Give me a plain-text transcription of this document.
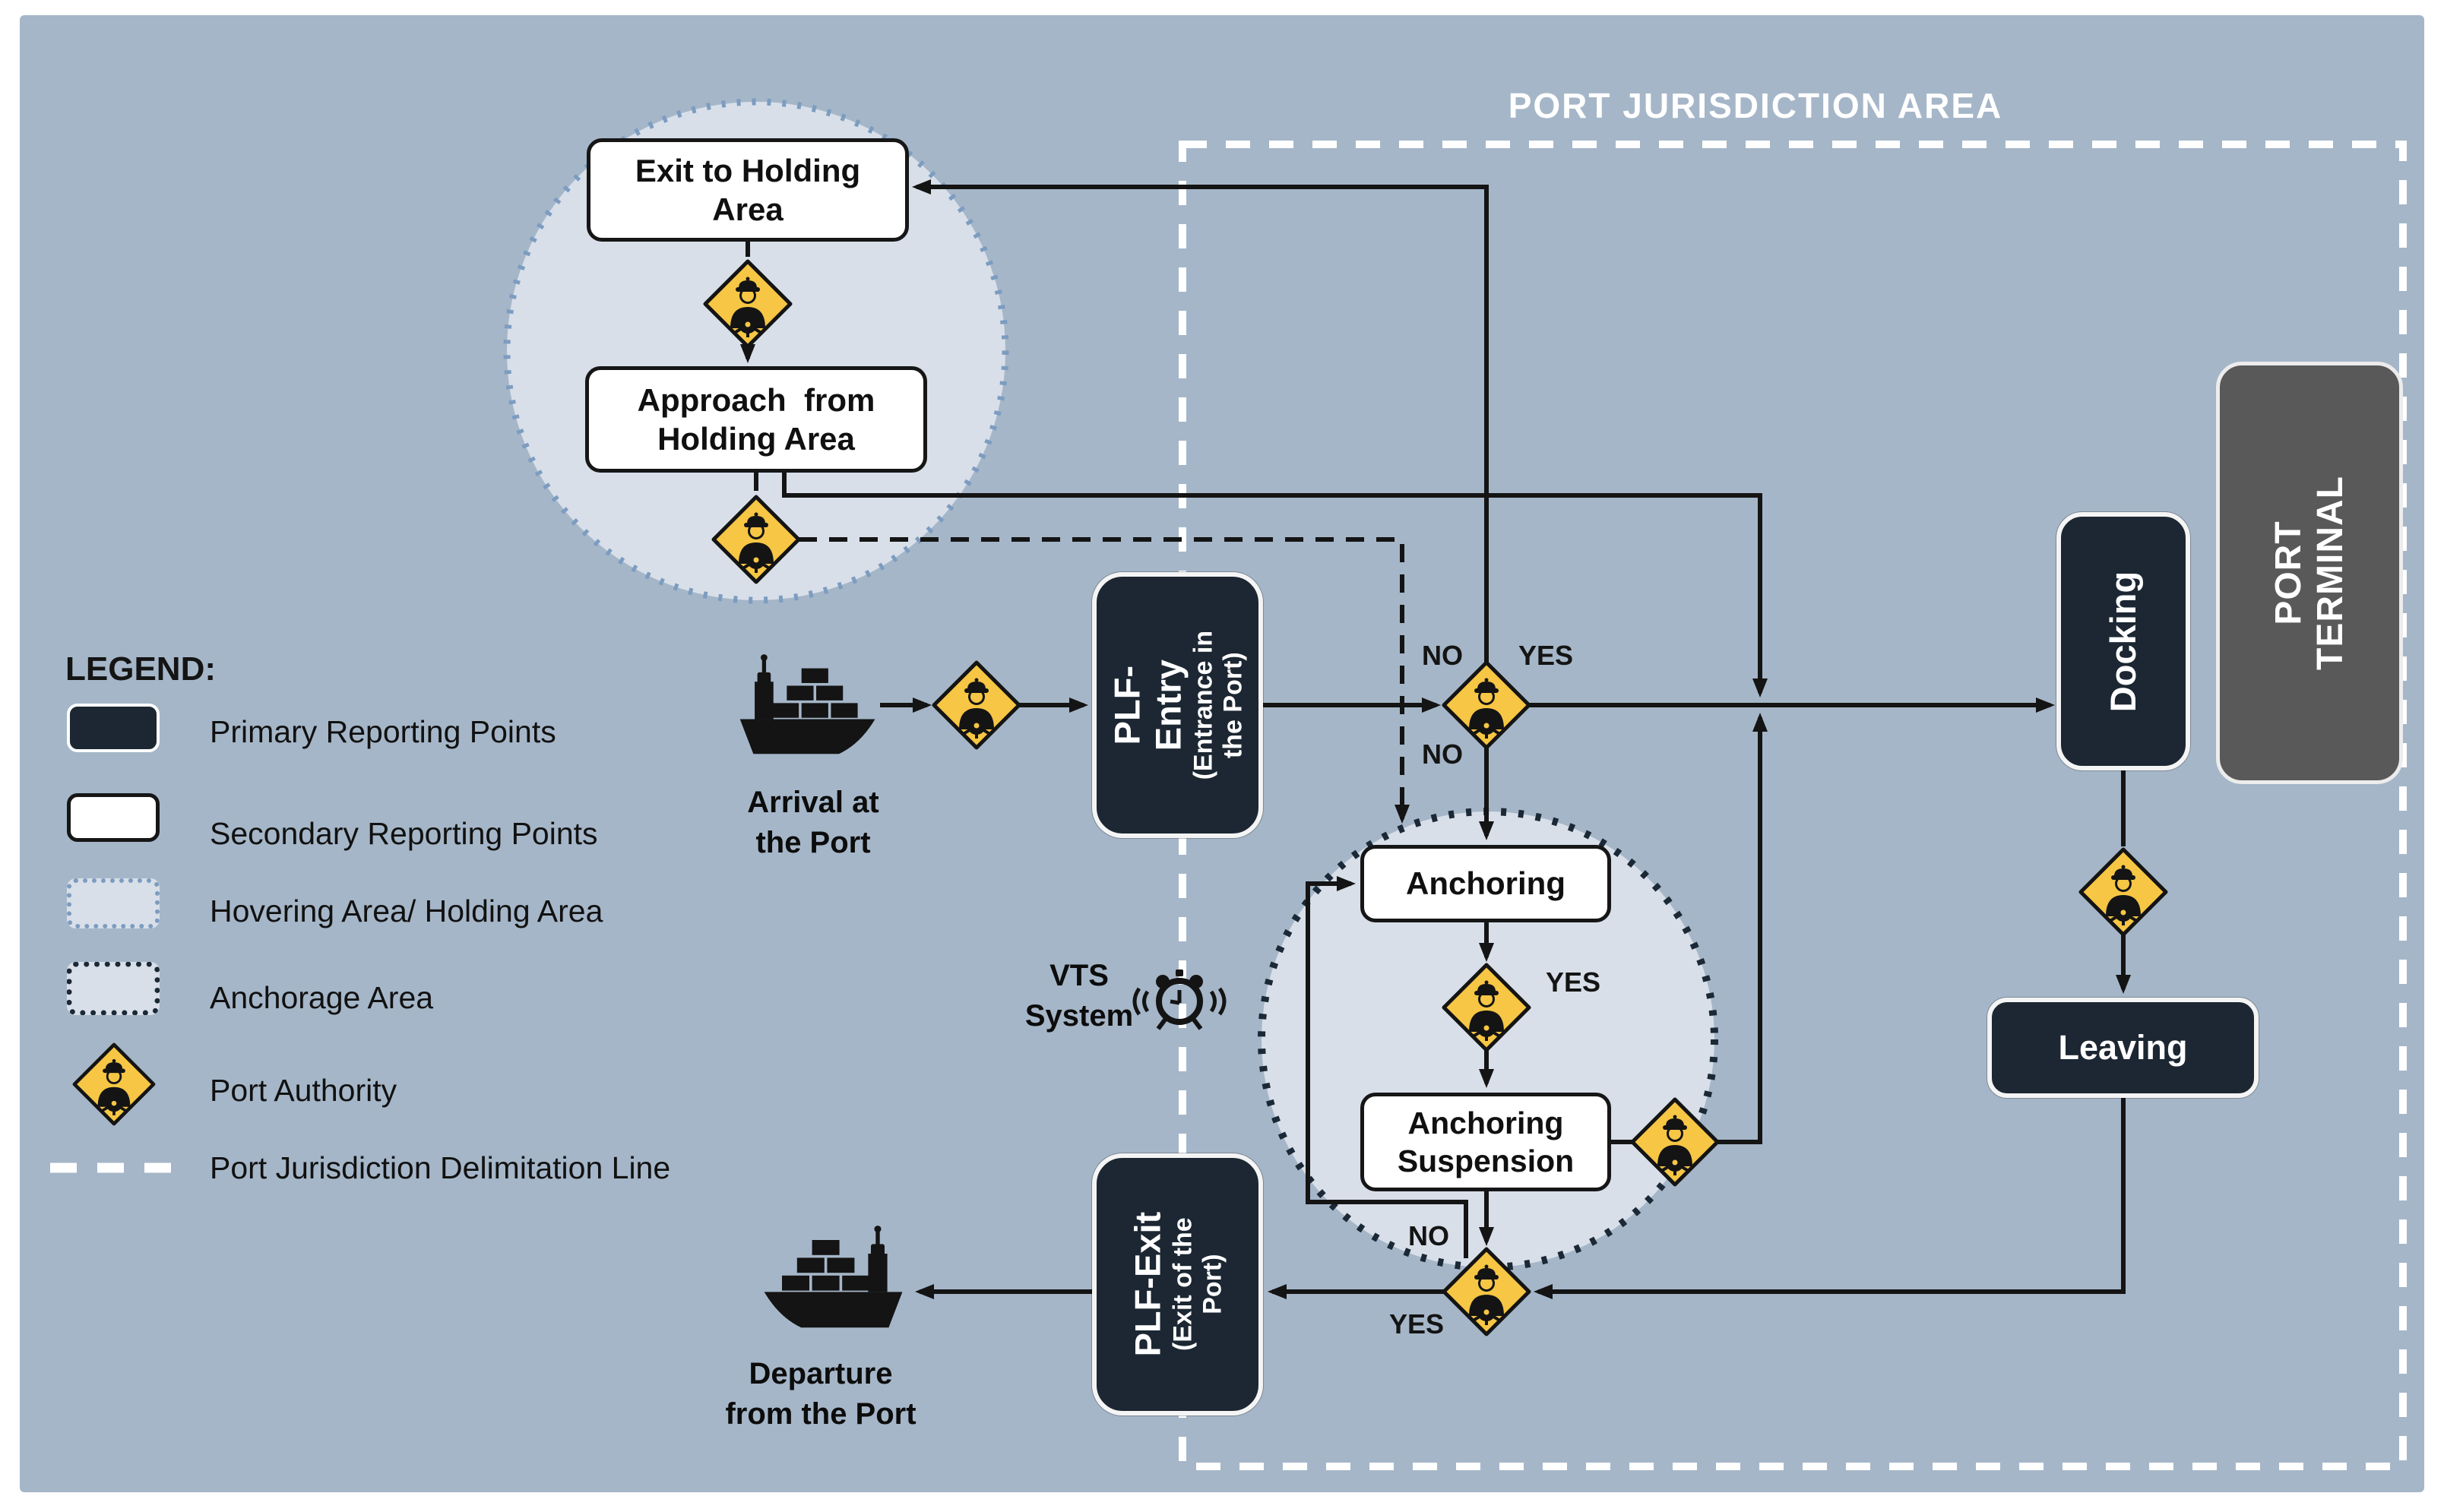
PORT JURISDICTION AREA
Exit to Holding
Area
Approach  from
Holding Area
Anchoring
Anchoring
Suspension
PLF-Entry (Entrance in the Port)
PLF-Exit (Exit of the Port)
Docking
Leaving
PORT TERMINAL
Arrival at
the Port
Departure
from the Port
VTS
System
NO YES
NO
YES
NO
YES
LEGEND:
Primary Reporting Points
Secondary Reporting Points
Hovering Area/ Holding Area
Anchorage Area
Port Authority
Port Jurisdiction Delimitation Line
